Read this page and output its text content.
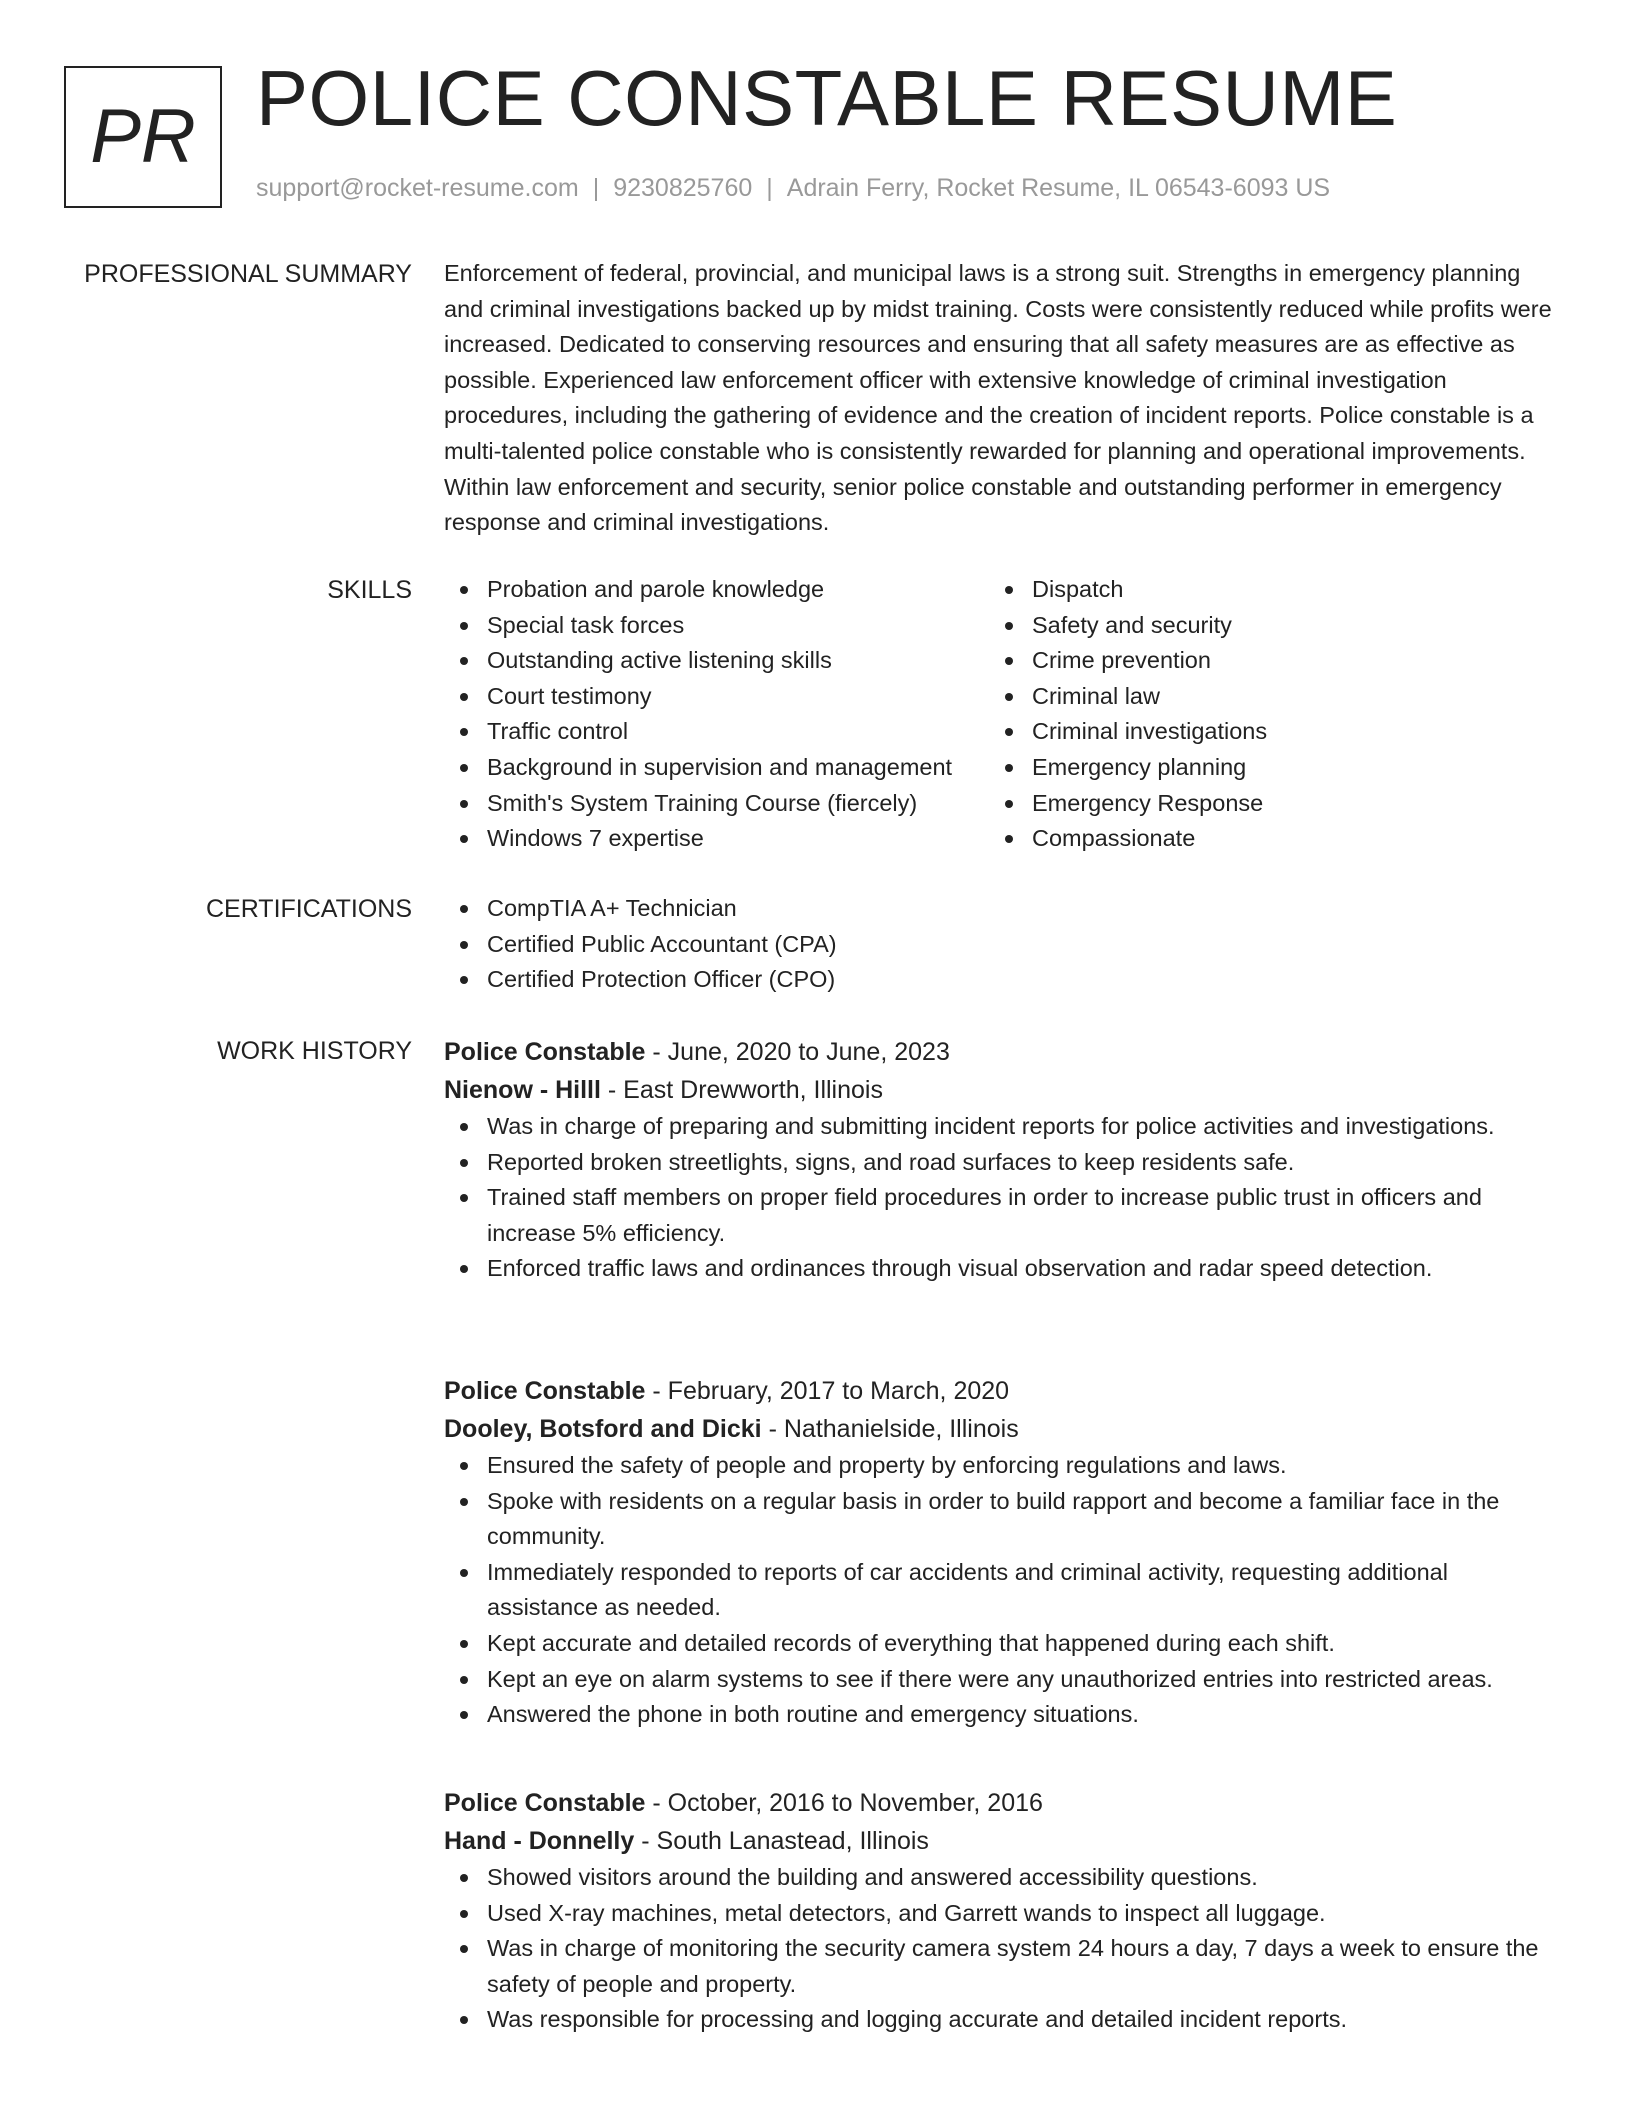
PR POLICE CONSTABLE RESUME
support@rocket-resume.com | 9230825760 | Adrain Ferry, Rocket Resume, IL 06543-6093 US
PROFESSIONAL SUMMARY Enforcement of federal, provincial, and municipal laws is a strong suit. Strengths in emergency planning and criminal investigations backed up by midst training. Costs were consistently reduced while profits were increased. Dedicated to conserving resources and ensuring that all safety measures are as effective as possible. Experienced law enforcement officer with extensive knowledge of criminal investigation procedures, including the gathering of evidence and the creation of incident reports. Police constable is a multi-talented police constable who is consistently rewarded for planning and operational improvements. Within law enforcement and security, senior police constable and outstanding performer in emergency response and criminal investigations.

SKILLS	Probation and parole knowledge
Special task forces
Outstanding active listening skills
Court testimony
Traffic control
Background in supervision and management
Smith's System Training Course (fiercely)
Windows 7 expertise
Dispatch
Safety and security
Crime prevention
Criminal law
Criminal investigations
Emergency planning
Emergency Response
Compassionate
CERTIFICATIONS	CompTIA A+ Technician
Certified Public Accountant (CPA)
Certified Protection Officer (CPO)
WORK HISTORY Police Constable - June, 2020 to June, 2023
Nienow - Hilll - East Drewworth, Illinois
Was in charge of preparing and submitting incident reports for police activities and investigations.
Reported broken streetlights, signs, and road surfaces to keep residents safe.
Trained staff members on proper field procedures in order to increase public trust in officers and increase 5% efficiency.
Enforced traffic laws and ordinances through visual observation and radar speed detection.
Police Constable - February, 2017 to March, 2020
Dooley, Botsford and Dicki - Nathanielside, Illinois
Ensured the safety of people and property by enforcing regulations and laws.
Spoke with residents on a regular basis in order to build rapport and become a familiar face in the community.
Immediately responded to reports of car accidents and criminal activity, requesting additional assistance as needed.
Kept accurate and detailed records of everything that happened during each shift.
Kept an eye on alarm systems to see if there were any unauthorized entries into restricted areas.
Answered the phone in both routine and emergency situations.
Police Constable - October, 2016 to November, 2016
Hand - Donnelly - South Lanastead, Illinois
Showed visitors around the building and answered accessibility questions.
Used X-ray machines, metal detectors, and Garrett wands to inspect all luggage.
Was in charge of monitoring the security camera system 24 hours a day, 7 days a week to ensure the safety of people and property.
Was responsible for processing and logging accurate and detailed incident reports.
